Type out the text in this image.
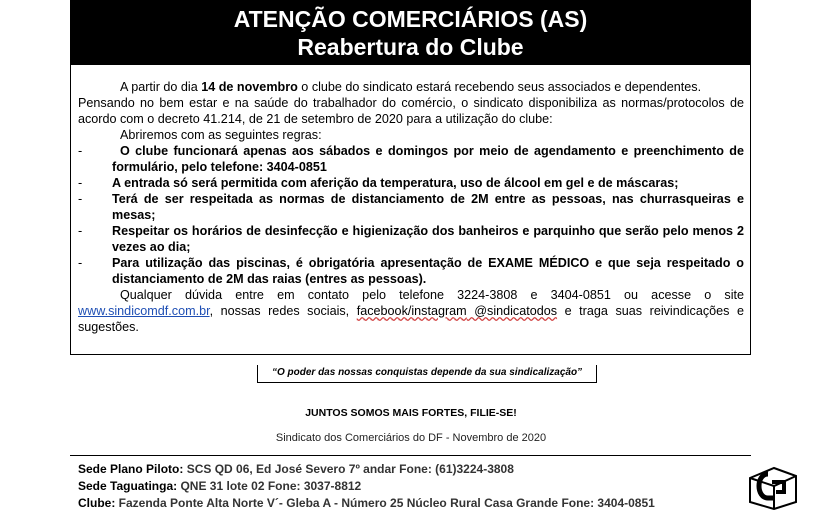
ATENÇÃO COMERCIÁRIOS (AS)
Reabertura do Clube

A partir do dia 14 de novembro o clube do sindicato estará recebendo seus associados e dependentes.

Pensando no bem estar e na saúde do trabalhador do comércio, o sindicato disponibiliza as normas/protocolos de acordo com o decreto 41.214, de 21 de setembro de 2020 para a utilização do clube:

Abriremos com as seguintes regras:

-	O clube funcionará apenas aos sábados e domingos por meio de agendamento e preenchimento de formulário, pelo telefone: 3404-0851

- A entrada só será permitida com aferição da temperatura, uso de álcool em gel e de máscaras;

- Terá de ser respeitada as normas de distanciamento de 2M entre as pessoas, nas churrasqueiras e mesas;

- Respeitar os horários de desinfecção e higienização dos banheiros e parquinho que serão pelo menos 2 vezes ao dia;

- Para utilização das piscinas, é obrigatória apresentação de EXAME MÉDICO e que seja respeitado o distanciamento de 2M das raias (entres as pessoas).

Qualquer dúvida entre em contato pelo telefone 3224-3808 e 3404-0851 ou acesse o site www.sindicomdf.com.br, nossas redes sociais, facebook/instagram @sindicatodos e traga suas reivindicações e sugestões.

“O poder das nossas conquistas depende da sua sindicalização”
JUNTOS SOMOS MAIS FORTES, FILIE-SE!
Sindicato dos Comerciários do DF - Novembro de 2020
Sede Plano Piloto: SCS QD 06, Ed José Severo 7º andar Fone: (61)3224-3808
Sede Taguatinga: QNE 31 lote 02 Fone: 3037-8812
Clube: Fazenda Ponte Alta Norte V´- Gleba A - Número 25 Núcleo Rural Casa Grande Fone: 3404-0851
